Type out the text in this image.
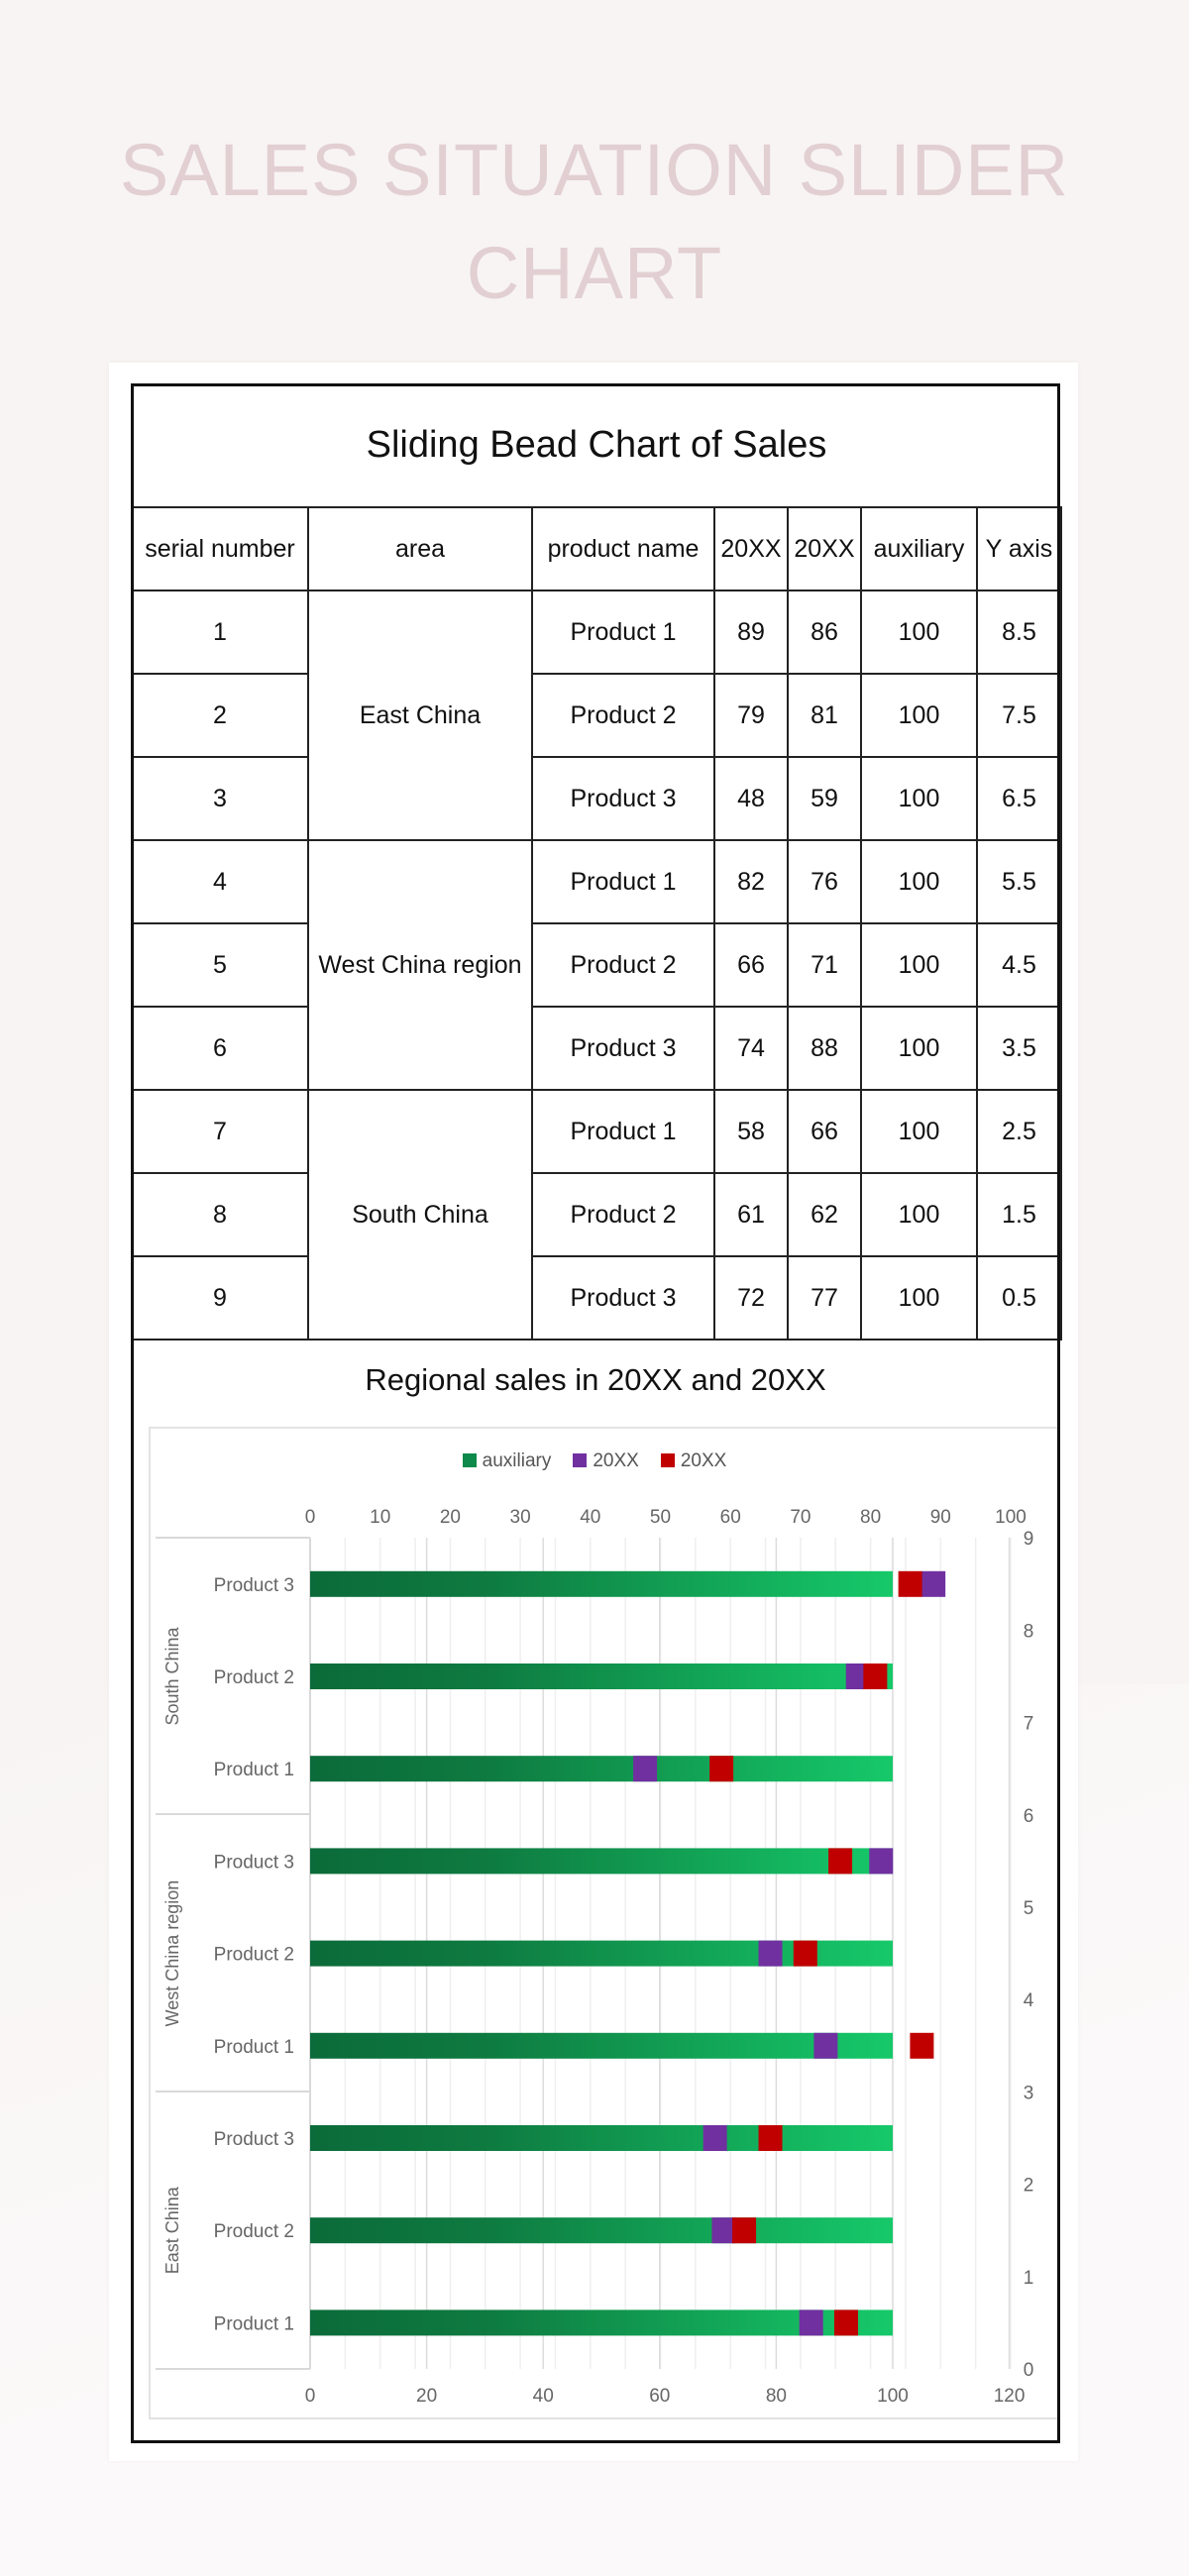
SALES SITUATION SLIDER CHART
Sliding Bead Chart of Sales						
serial number	area	product name	20XX	20XX	auxiliary	Y axis
1	East China	Product 1	89	86	100	8.5
2		Product 2	79	81	100	7.5
3		Product 3	48	59	100	6.5
4	West China region	Product 1	82	76	100	5.5
5		Product 2	66	71	100	4.5
6		Product 3	74	88	100	3.5
7	South China	Product 1	58	66	100	2.5
8		Product 2	61	62	100	1.5
9		Product 3	72	77	100	0.5
Regional sales in 20XX and 20XX
auxiliary	20XX	20XX
0	20	40	60	80	100	120
0	10	20	30	40	50	60	70	80	90 100
0
1
2
3
4
5
6
7
8
9
South China
Product 3
Product 2
Product 1
West China region
Product 3
Product 2
Product 1
East China
Product 3
Product 2
Product 1
